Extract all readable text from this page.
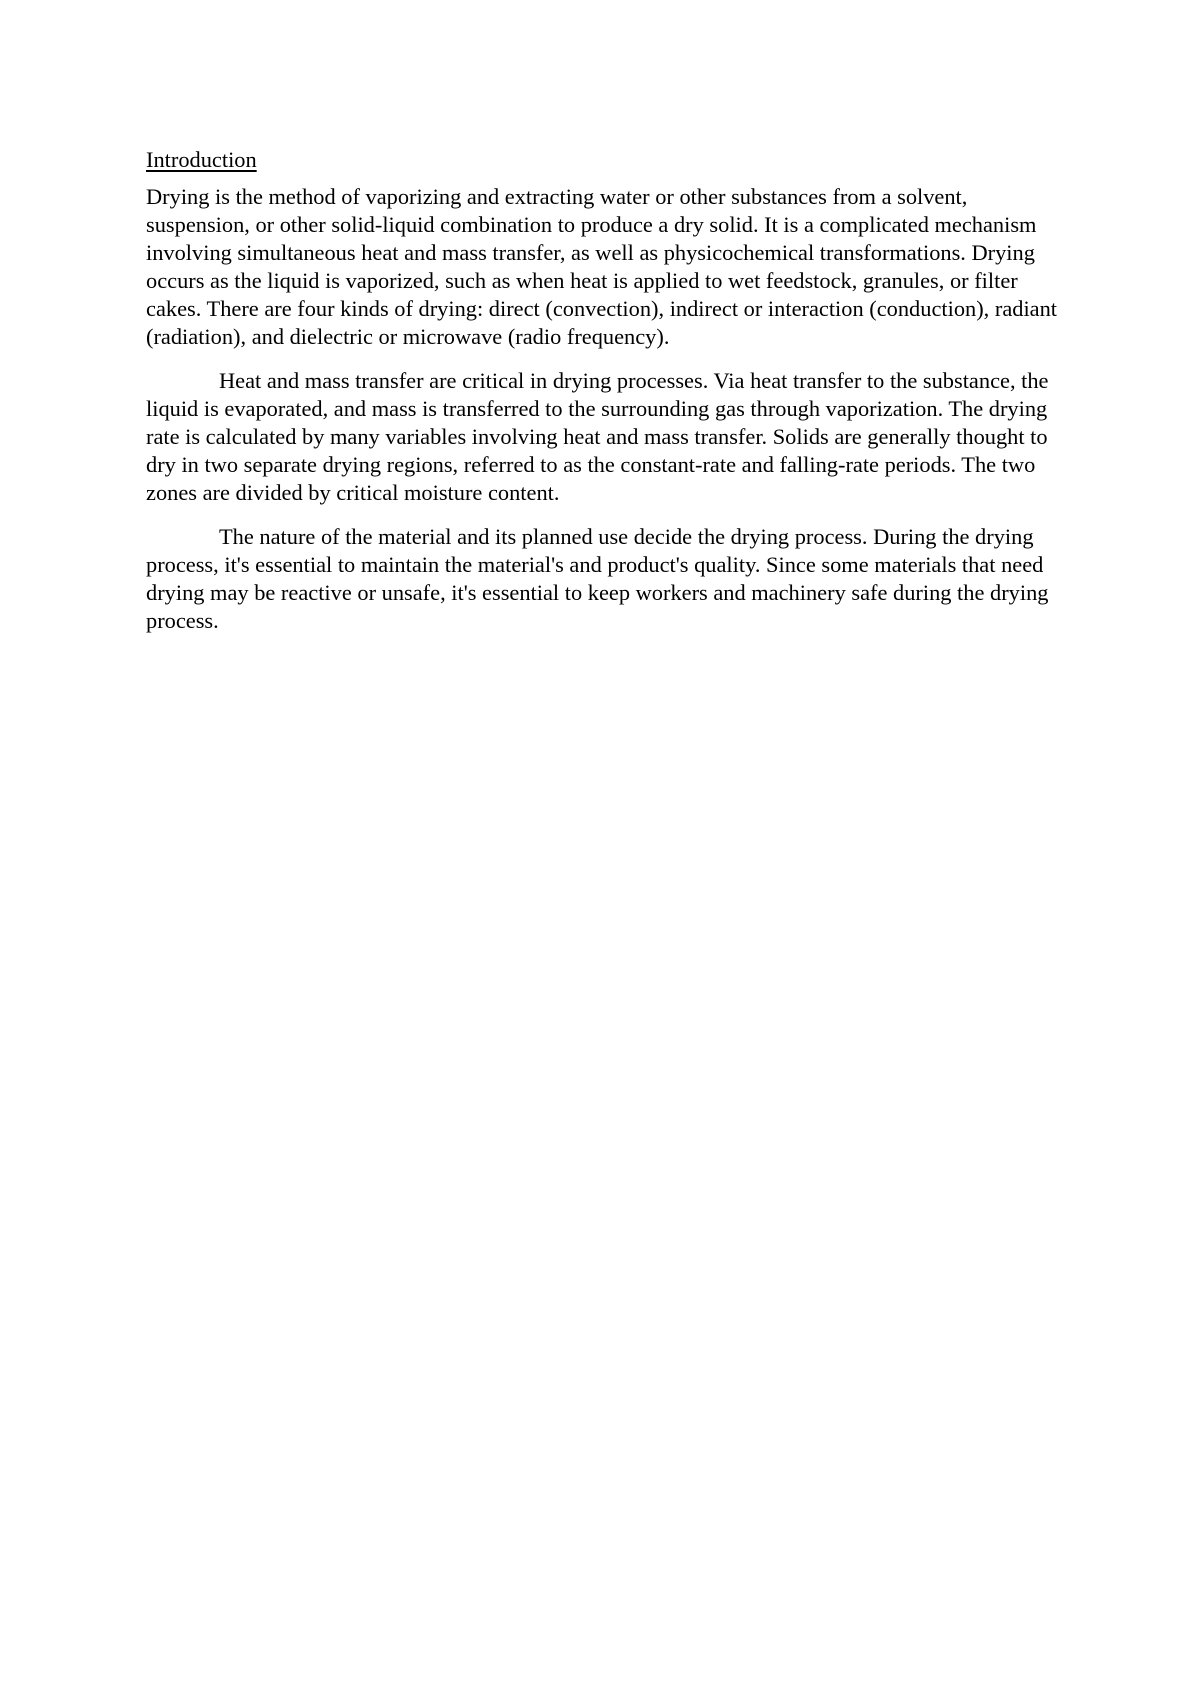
Introduction

Drying is the method of vaporizing and extracting water or other substances from a solvent, suspension, or other solid-liquid combination to produce a dry solid. It is a complicated mechanism involving simultaneous heat and mass transfer, as well as physicochemical transformations. Drying occurs as the liquid is vaporized, such as when heat is applied to wet feedstock, granules, or filter cakes. There are four kinds of drying: direct (convection), indirect or interaction (conduction), radiant (radiation), and dielectric or microwave (radio frequency).

Heat and mass transfer are critical in drying processes. Via heat transfer to the substance, the liquid is evaporated, and mass is transferred to the surrounding gas through vaporization. The drying rate is calculated by many variables involving heat and mass transfer. Solids are generally thought to dry in two separate drying regions, referred to as the constant-rate and falling-rate periods. The two zones are divided by critical moisture content.

The nature of the material and its planned use decide the drying process. During the drying process, it's essential to maintain the material's and product's quality. Since some materials that need drying may be reactive or unsafe, it's essential to keep workers and machinery safe during the drying process.
